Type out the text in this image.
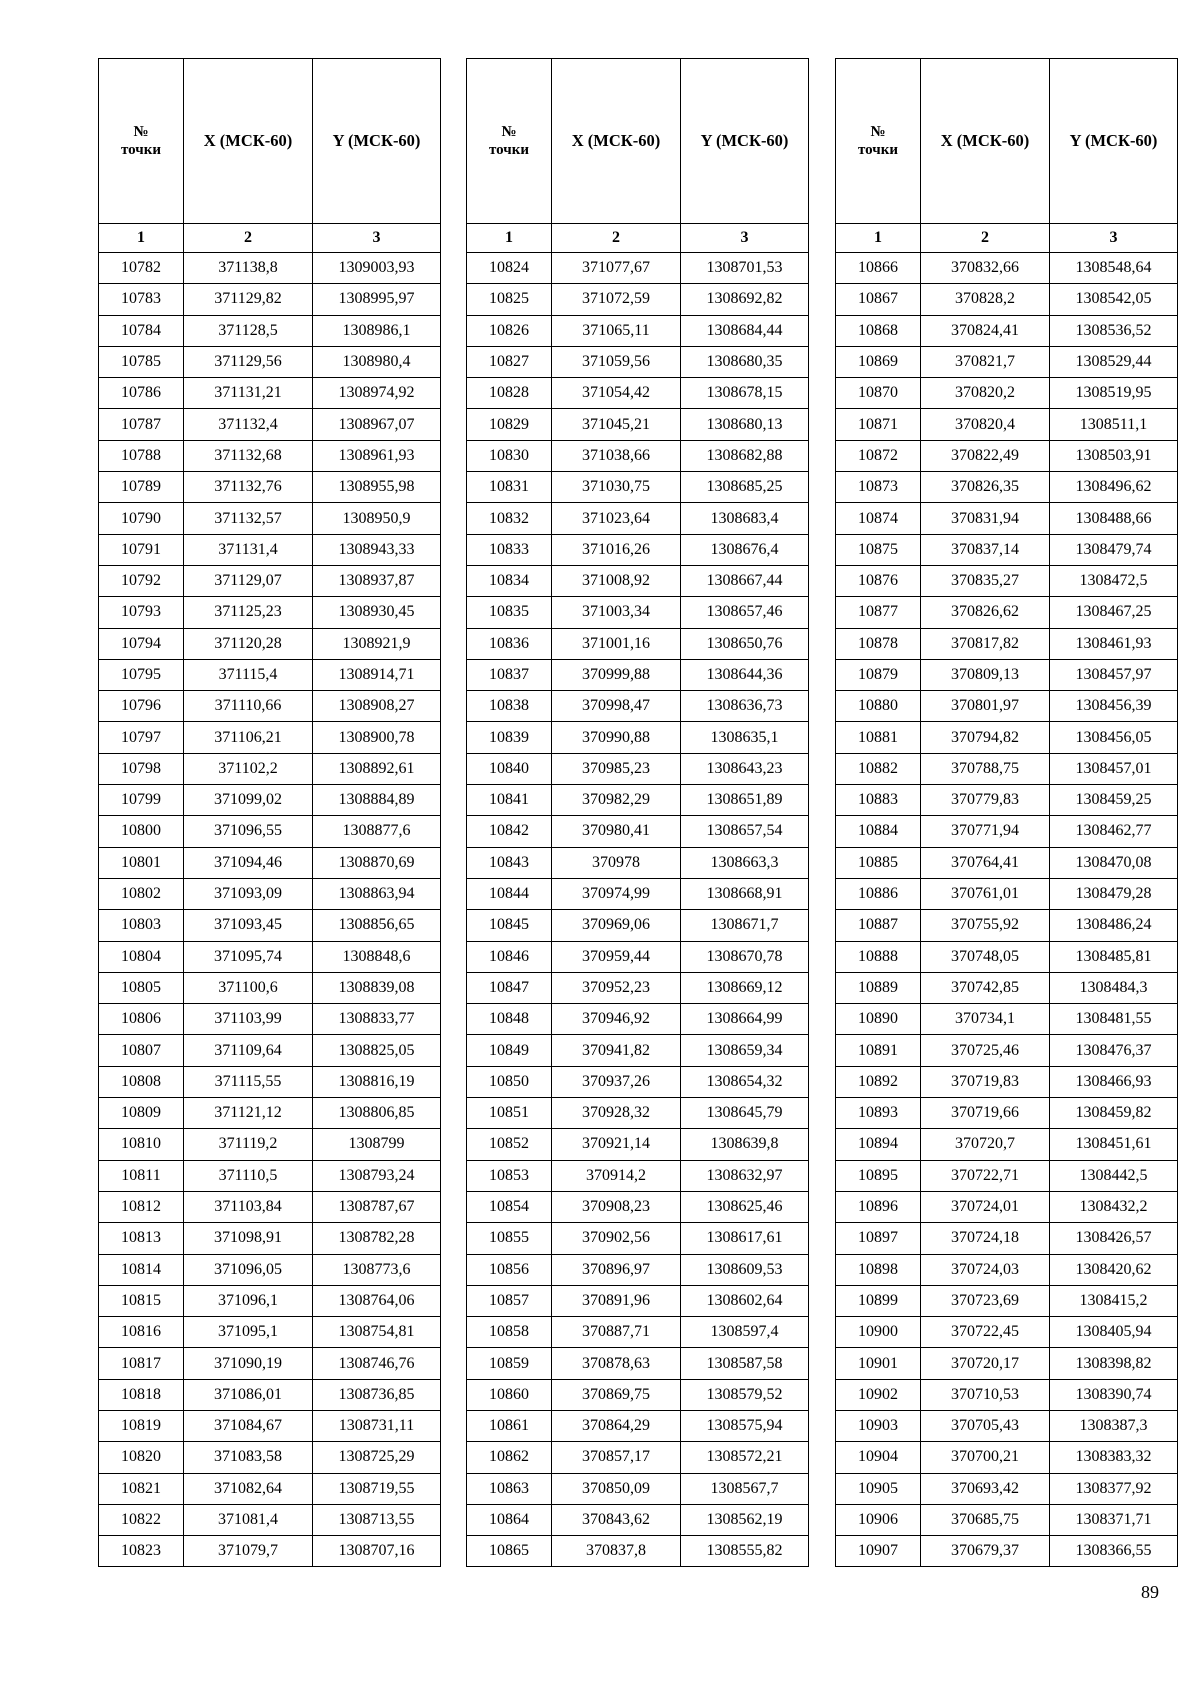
№
точки	X (МСК-60)	Y (МСК-60)
1	2	3
10782	371138,8	1309003,93
10783	371129,82	1308995,97
10784	371128,5	1308986,1
10785	371129,56	1308980,4
10786	371131,21	1308974,92
10787	371132,4	1308967,07
10788	371132,68	1308961,93
10789	371132,76	1308955,98
10790	371132,57	1308950,9
10791	371131,4	1308943,33
10792	371129,07	1308937,87
10793	371125,23	1308930,45
10794	371120,28	1308921,9
10795	371115,4	1308914,71
10796	371110,66	1308908,27
10797	371106,21	1308900,78
10798	371102,2	1308892,61
10799	371099,02	1308884,89
10800	371096,55	1308877,6
10801	371094,46	1308870,69
10802	371093,09	1308863,94
10803	371093,45	1308856,65
10804	371095,74	1308848,6
10805	371100,6	1308839,08
10806	371103,99	1308833,77
10807	371109,64	1308825,05
10808	371115,55	1308816,19
10809	371121,12	1308806,85
10810	371119,2	1308799
10811	371110,5	1308793,24
10812	371103,84	1308787,67
10813	371098,91	1308782,28
10814	371096,05	1308773,6
10815	371096,1	1308764,06
10816	371095,1	1308754,81
10817	371090,19	1308746,76
10818	371086,01	1308736,85
10819	371084,67	1308731,11
10820	371083,58	1308725,29
10821	371082,64	1308719,55
10822	371081,4	1308713,55
10823	371079,7	1308707,16
№
точки	X (МСК-60)	Y (МСК-60)
1	2	3
10824	371077,67	1308701,53
10825	371072,59	1308692,82
10826	371065,11	1308684,44
10827	371059,56	1308680,35
10828	371054,42	1308678,15
10829	371045,21	1308680,13
10830	371038,66	1308682,88
10831	371030,75	1308685,25
10832	371023,64	1308683,4
10833	371016,26	1308676,4
10834	371008,92	1308667,44
10835	371003,34	1308657,46
10836	371001,16	1308650,76
10837	370999,88	1308644,36
10838	370998,47	1308636,73
10839	370990,88	1308635,1
10840	370985,23	1308643,23
10841	370982,29	1308651,89
10842	370980,41	1308657,54
10843	370978	1308663,3
10844	370974,99	1308668,91
10845	370969,06	1308671,7
10846	370959,44	1308670,78
10847	370952,23	1308669,12
10848	370946,92	1308664,99
10849	370941,82	1308659,34
10850	370937,26	1308654,32
10851	370928,32	1308645,79
10852	370921,14	1308639,8
10853	370914,2	1308632,97
10854	370908,23	1308625,46
10855	370902,56	1308617,61
10856	370896,97	1308609,53
10857	370891,96	1308602,64
10858	370887,71	1308597,4
10859	370878,63	1308587,58
10860	370869,75	1308579,52
10861	370864,29	1308575,94
10862	370857,17	1308572,21
10863	370850,09	1308567,7
10864	370843,62	1308562,19
10865	370837,8	1308555,82
№
точки	X (МСК-60)	Y (МСК-60)
1	2	3
10866	370832,66	1308548,64
10867	370828,2	1308542,05
10868	370824,41	1308536,52
10869	370821,7	1308529,44
10870	370820,2	1308519,95
10871	370820,4	1308511,1
10872	370822,49	1308503,91
10873	370826,35	1308496,62
10874	370831,94	1308488,66
10875	370837,14	1308479,74
10876	370835,27	1308472,5
10877	370826,62	1308467,25
10878	370817,82	1308461,93
10879	370809,13	1308457,97
10880	370801,97	1308456,39
10881	370794,82	1308456,05
10882	370788,75	1308457,01
10883	370779,83	1308459,25
10884	370771,94	1308462,77
10885	370764,41	1308470,08
10886	370761,01	1308479,28
10887	370755,92	1308486,24
10888	370748,05	1308485,81
10889	370742,85	1308484,3
10890	370734,1	1308481,55
10891	370725,46	1308476,37
10892	370719,83	1308466,93
10893	370719,66	1308459,82
10894	370720,7	1308451,61
10895	370722,71	1308442,5
10896	370724,01	1308432,2
10897	370724,18	1308426,57
10898	370724,03	1308420,62
10899	370723,69	1308415,2
10900	370722,45	1308405,94
10901	370720,17	1308398,82
10902	370710,53	1308390,74
10903	370705,43	1308387,3
10904	370700,21	1308383,32
10905	370693,42	1308377,92
10906	370685,75	1308371,71
10907	370679,37	1308366,55
89
